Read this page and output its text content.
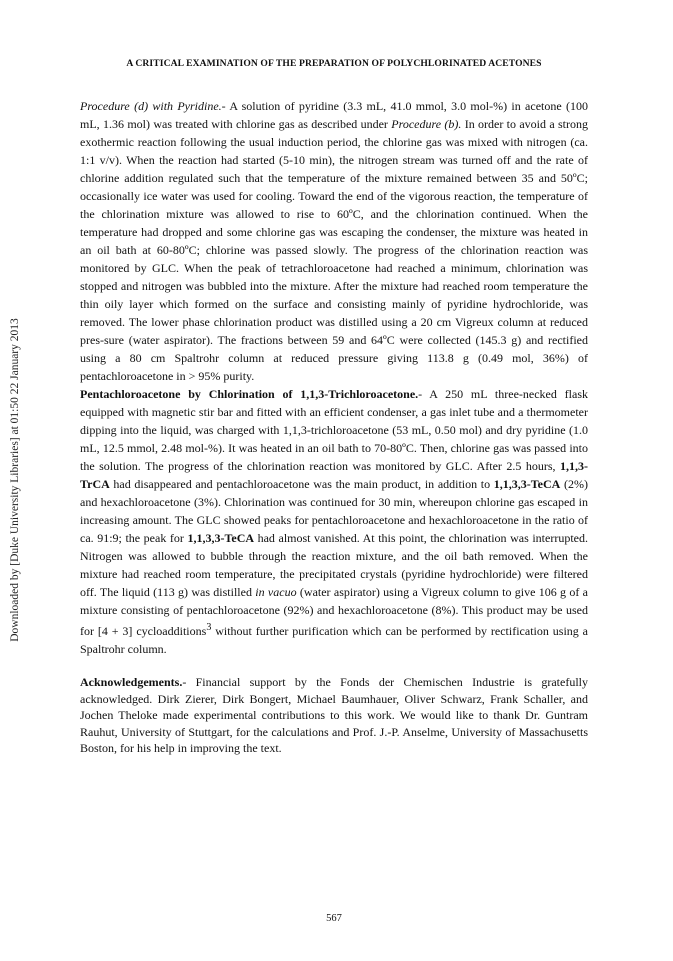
Downloaded by [Duke University Libraries] at 01:50 22 January 2013
A CRITICAL EXAMINATION OF THE PREPARATION OF POLYCHLORINATED ACETONES

Procedure (d) with Pyridine.- A solution of pyridine (3.3 mL, 41.0 mmol, 3.0 mol-%) in acetone (100 mL, 1.36 mol) was treated with chlorine gas as described under Procedure (b). In order to avoid a strong exothermic reaction following the usual induction period, the chlorine gas was mixed with nitrogen (ca. 1:1 v/v). When the reaction had started (5-10 min), the nitrogen stream was turned off and the rate of chlorine addition regulated such that the temperature of the mixture remained between 35 and 50ºC; occasionally ice water was used for cooling. Toward the end of the vigorous reaction, the temperature of the chlorination mixture was allowed to rise to 60ºC, and the chlorination continued. When the temperature had dropped and some chlorine gas was escaping the condenser, the mixture was heated in an oil bath at 60-80ºC; chlorine was passed slowly. The progress of the chlorination reaction was monitored by GLC. When the peak of tetrachloroacetone had reached a minimum, chlorination was stopped and nitrogen was bubbled into the mixture. After the mixture had reached room temperature the thin oily layer which formed on the surface and consisting mainly of pyridine hydrochloride, was removed. The lower phase chlorination product was distilled using a 20 cm Vigreux column at reduced pres-sure (water aspirator). The fractions between 59 and 64ºC were collected (145.3 g) and rectified using a 80 cm Spaltrohr column at reduced pressure giving 113.8 g (0.49 mol, 36%) of pentachloroacetone in > 95% purity.

Pentachloroacetone by Chlorination of 1,1,3-Trichloroacetone.- A 250 mL three-necked flask equipped with magnetic stir bar and fitted with an efficient condenser, a gas inlet tube and a thermometer dipping into the liquid, was charged with 1,1,3-trichloroacetone (53 mL, 0.50 mol) and dry pyridine (1.0 mL, 12.5 mmol, 2.48 mol-%). It was heated in an oil bath to 70-80ºC. Then, chlorine gas was passed into the solution. The progress of the chlorination reaction was monitored by GLC. After 2.5 hours, 1,1,3-TrCA had disappeared and pentachloroacetone was the main product, in addition to 1,1,3,3-TeCA (2%) and hexachloroacetone (3%). Chlorination was continued for 30 min, whereupon chlorine gas escaped in increasing amount. The GLC showed peaks for pentachloroacetone and hexachloroacetone in the ratio of ca. 91:9; the peak for 1,1,3,3-TeCA had almost vanished. At this point, the chlorination was interrupted. Nitrogen was allowed to bubble through the reaction mixture, and the oil bath removed. When the mixture had reached room temperature, the precipitated crystals (pyridine hydrochloride) were filtered off. The liquid (113 g) was distilled in vacuo (water aspirator) using a Vigreux column to give 106 g of a mixture consisting of pentachloroacetone (92%) and hexachloroacetone (8%). This product may be used for [4 + 3] cycloadditions$^3$ without further purification which can be performed by rectification using a Spaltrohr column.

Acknowledgements.- Financial support by the Fonds der Chemischen Industrie is gratefully acknowledged. Dirk Zierer, Dirk Bongert, Michael Baumhauer, Oliver Schwarz, Frank Schaller, and Jochen Theloke made experimental contributions to this work. We would like to thank Dr. Guntram Rauhut, University of Stuttgart, for the calculations and Prof. J.-P. Anselme, University of Massachusetts Boston, for his help in improving the text.

567
